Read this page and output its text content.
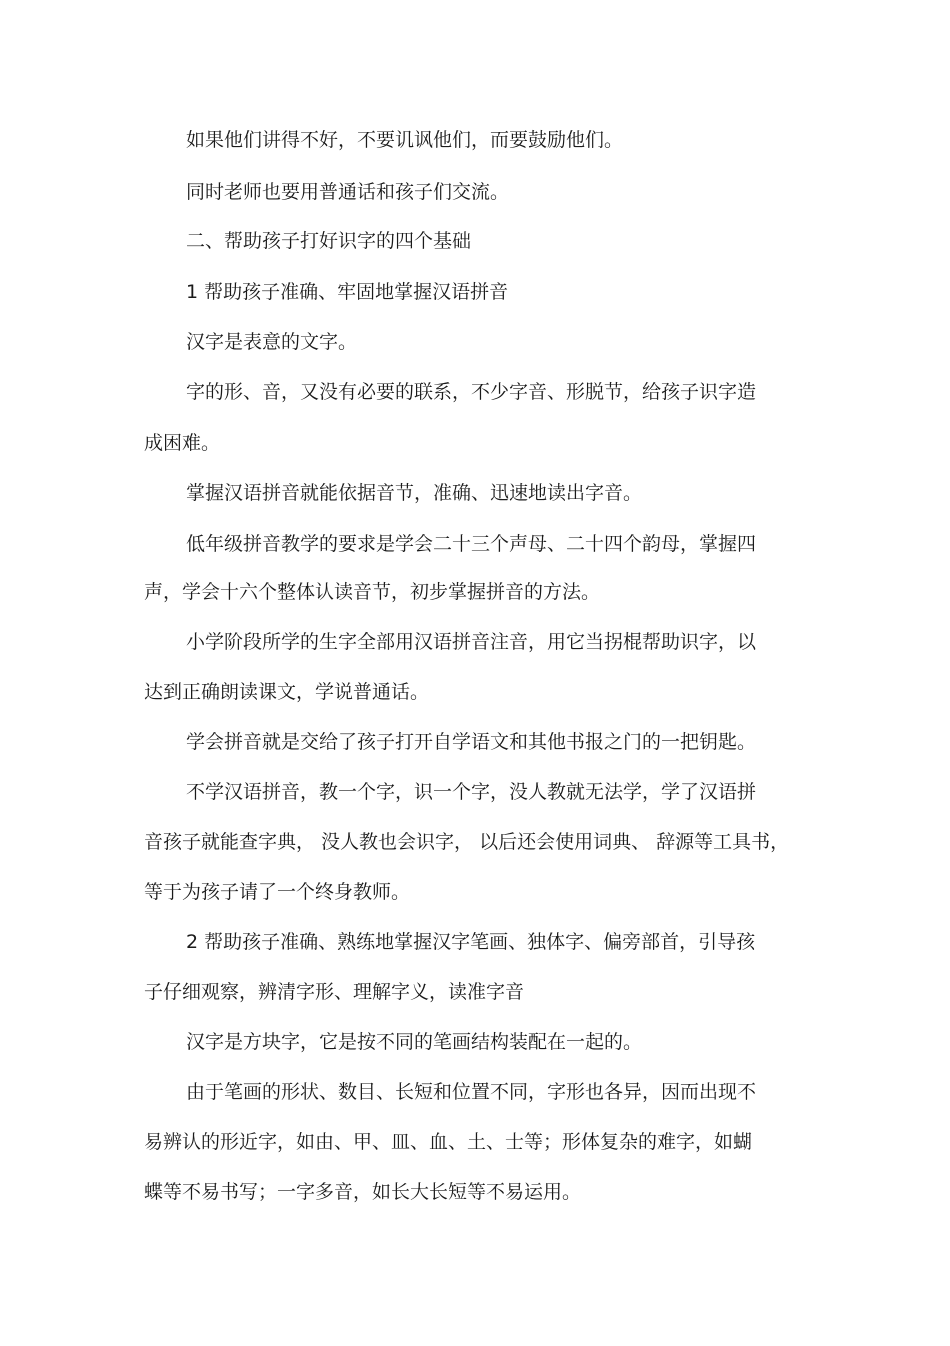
如果他们讲得不好，不要讥讽他们，而要鼓励他们。
同时老师也要用普通话和孩子们交流。
二、帮助孩子打好识字的四个基础
1 帮助孩子准确、牢固地掌握汉语拼音
汉字是表意的文字。
字的形、音，又没有必要的联系，不少字音、形脱节，给孩子识字造
成困难。
掌握汉语拼音就能依据音节，准确、迅速地读出字音。
低年级拼音教学的要求是学会二十三个声母、二十四个韵母，掌握四
声，学会十六个整体认读音节，初步掌握拼音的方法。
小学阶段所学的生字全部用汉语拼音注音，用它当拐棍帮助识字，以
达到正确朗读课文，学说普通话。
学会拼音就是交给了孩子打开自学语文和其他书报之门的一把钥匙。
不学汉语拼音，教一个字，识一个字，没人教就无法学，学了汉语拼
音孩子就能查字典， 没人教也会识字， 以后还会使用词典、 辞源等工具书，
等于为孩子请了一个终身教师。
2 帮助孩子准确、熟练地掌握汉字笔画、独体字、偏旁部首，引导孩
子仔细观察，辨清字形、理解字义，读准字音
汉字是方块字，它是按不同的笔画结构装配在一起的。
由于笔画的形状、数目、长短和位置不同，字形也各异，因而出现不
易辨认的形近字，如由、甲、皿、血、土、士等；形体复杂的难字，如蝴
蝶等不易书写；一字多音，如长大长短等不易运用。
